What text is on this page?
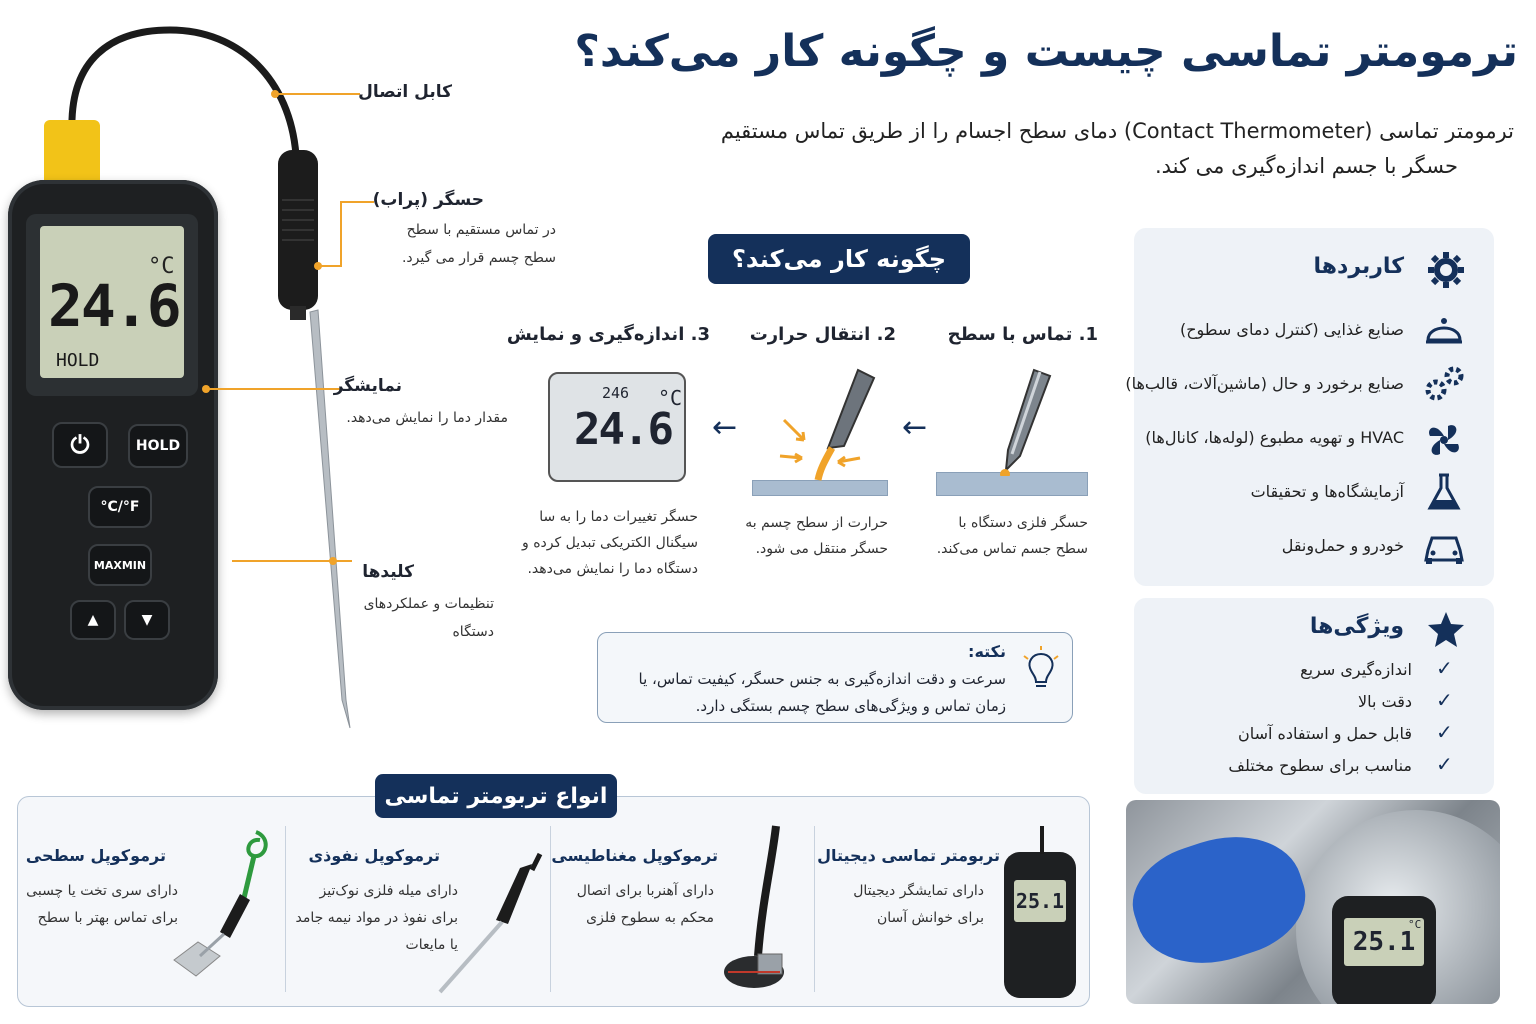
ترمومتر تماسی چیست و چگونه کار می‌کند؟
ترمومتر تماسی (Contact Thermometer) دمای سطح اجسام را از طریق تماس مستقیم
حسگر با جسم اندازه‌گیری می کند.
°C
24.6
HOLD
⏻	HOLD
°C/°F
MAXMIN
▲	▼
کابل اتصال
حسگر (پراب)
در تماس مستقیم با سطح
سطح چسم قرار می گیرد.
نمایشگر
مقدار دما را نمایش می‌دهد.
کلیدها
تنظیمات و عملکردهای
دستگاه
چگونه کار می‌کند؟
1. تماس با سطح
2. انتقال حرارت
3. اندازه‌گیری و نمایش
←
←
246 °C
24.6
حسگر فلزی دستگاه با
سطح جسم تماس می‌کند.
حرارت از سطح چسم به
حسگر منتقل می شود.
حسگر تغییرات دما را به سا
سیگنال الکتریکی تبدیل کرده و
دستگاه دما را نمایش می‌دهد.
نکته:
سرعت و دقت اندازه‌گیری به جنس حسگر، کیفیت تماس، یا
زمان تماس و ویژگی‌های سطح چسم بستگی دارد.
کاربردها
صنایع غذایی (کنترل دمای سطوح)
صنایع برخورد و حال (ماشین‌آلات، قالب‌ها)
HVAC و تهویه مطبوع (لوله‌ها، کانال‌ها)
آزمایشگاه‌ها و تحقیقات
خودرو و حمل‌ونقل
ویژگی‌ها
اندازه‌گیری سریع
دقت بالا
قابل حمل و استفاده آسان
مناسب برای سطوح مختلف
✓
✓
✓
✓
انواع تربومتر تماسی
تربومتر تماسی دیجیتال
دارای تمایشگر دیجیتال
برای خوانش آسان
25.1
ترموکوپل مغناطیسی
دارای آهنربا برای اتصال
محکم به سطوح فلزی
ترموکوپل نفوذی
دارای میله فلزی نوک‌تیز
برای نفوذ در مواد نیمه جامد
یا مایعات
ترموکوپل سطحی
دارای سری تخت یا چسبی
برای تماس بهتر با سطح
25.1
°C
